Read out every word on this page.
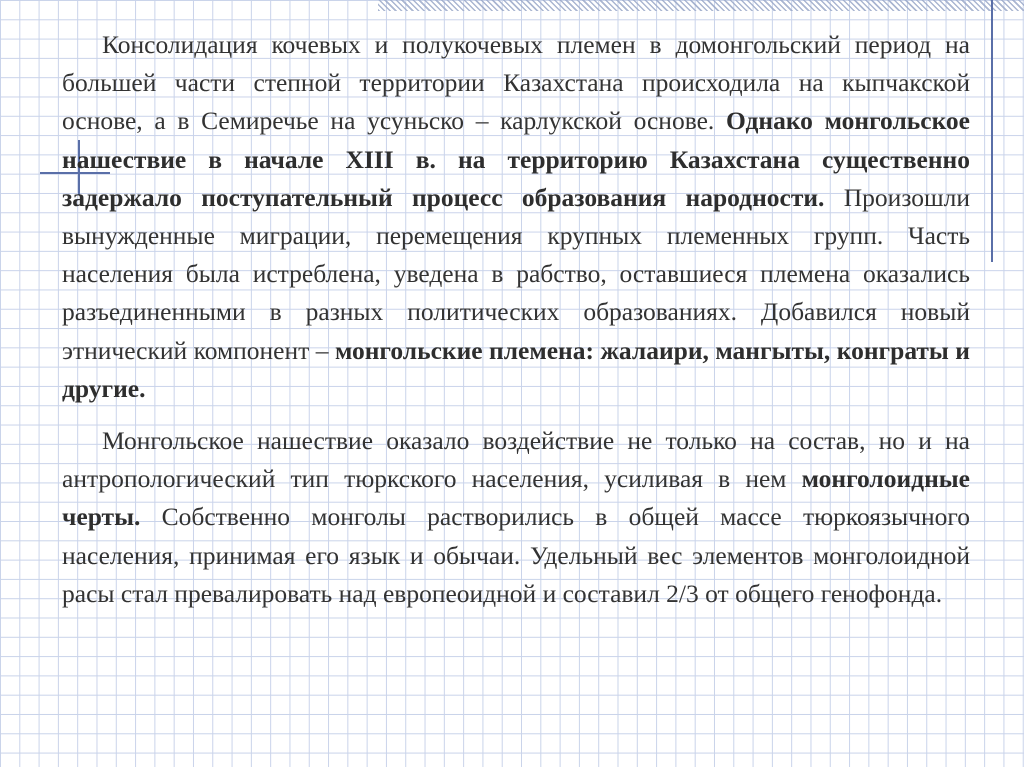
Консолидация кочевых и полукочевых племен в домонгольский период на большей части степной территории Казахстана происходила на кыпчакской основе, а в Семиречье на усуньско – карлукской основе. Однако монгольское нашествие в начале XIII в. на территорию Казахстана существенно задержало поступательный процесс образования народности. Произошли вынужденные миграции, перемещения крупных племенных групп. Часть населения была истреблена, уведена в рабство, оставшиеся племена оказались разъединенными в разных политических образованиях. Добавился новый этнический компонент – монгольские племена: жалаири, мангыты, конграты и другие.

Монгольское нашествие оказало воздействие не только на состав, но и на антропологический тип тюркского населения, усиливая в нем монголоидные черты. Собственно монголы растворились в общей массе тюркоязычного населения, принимая его язык и обычаи. Удельный вес элементов монголоидной расы стал превалировать над европеоидной и составил 2/3 от общего генофонда.
